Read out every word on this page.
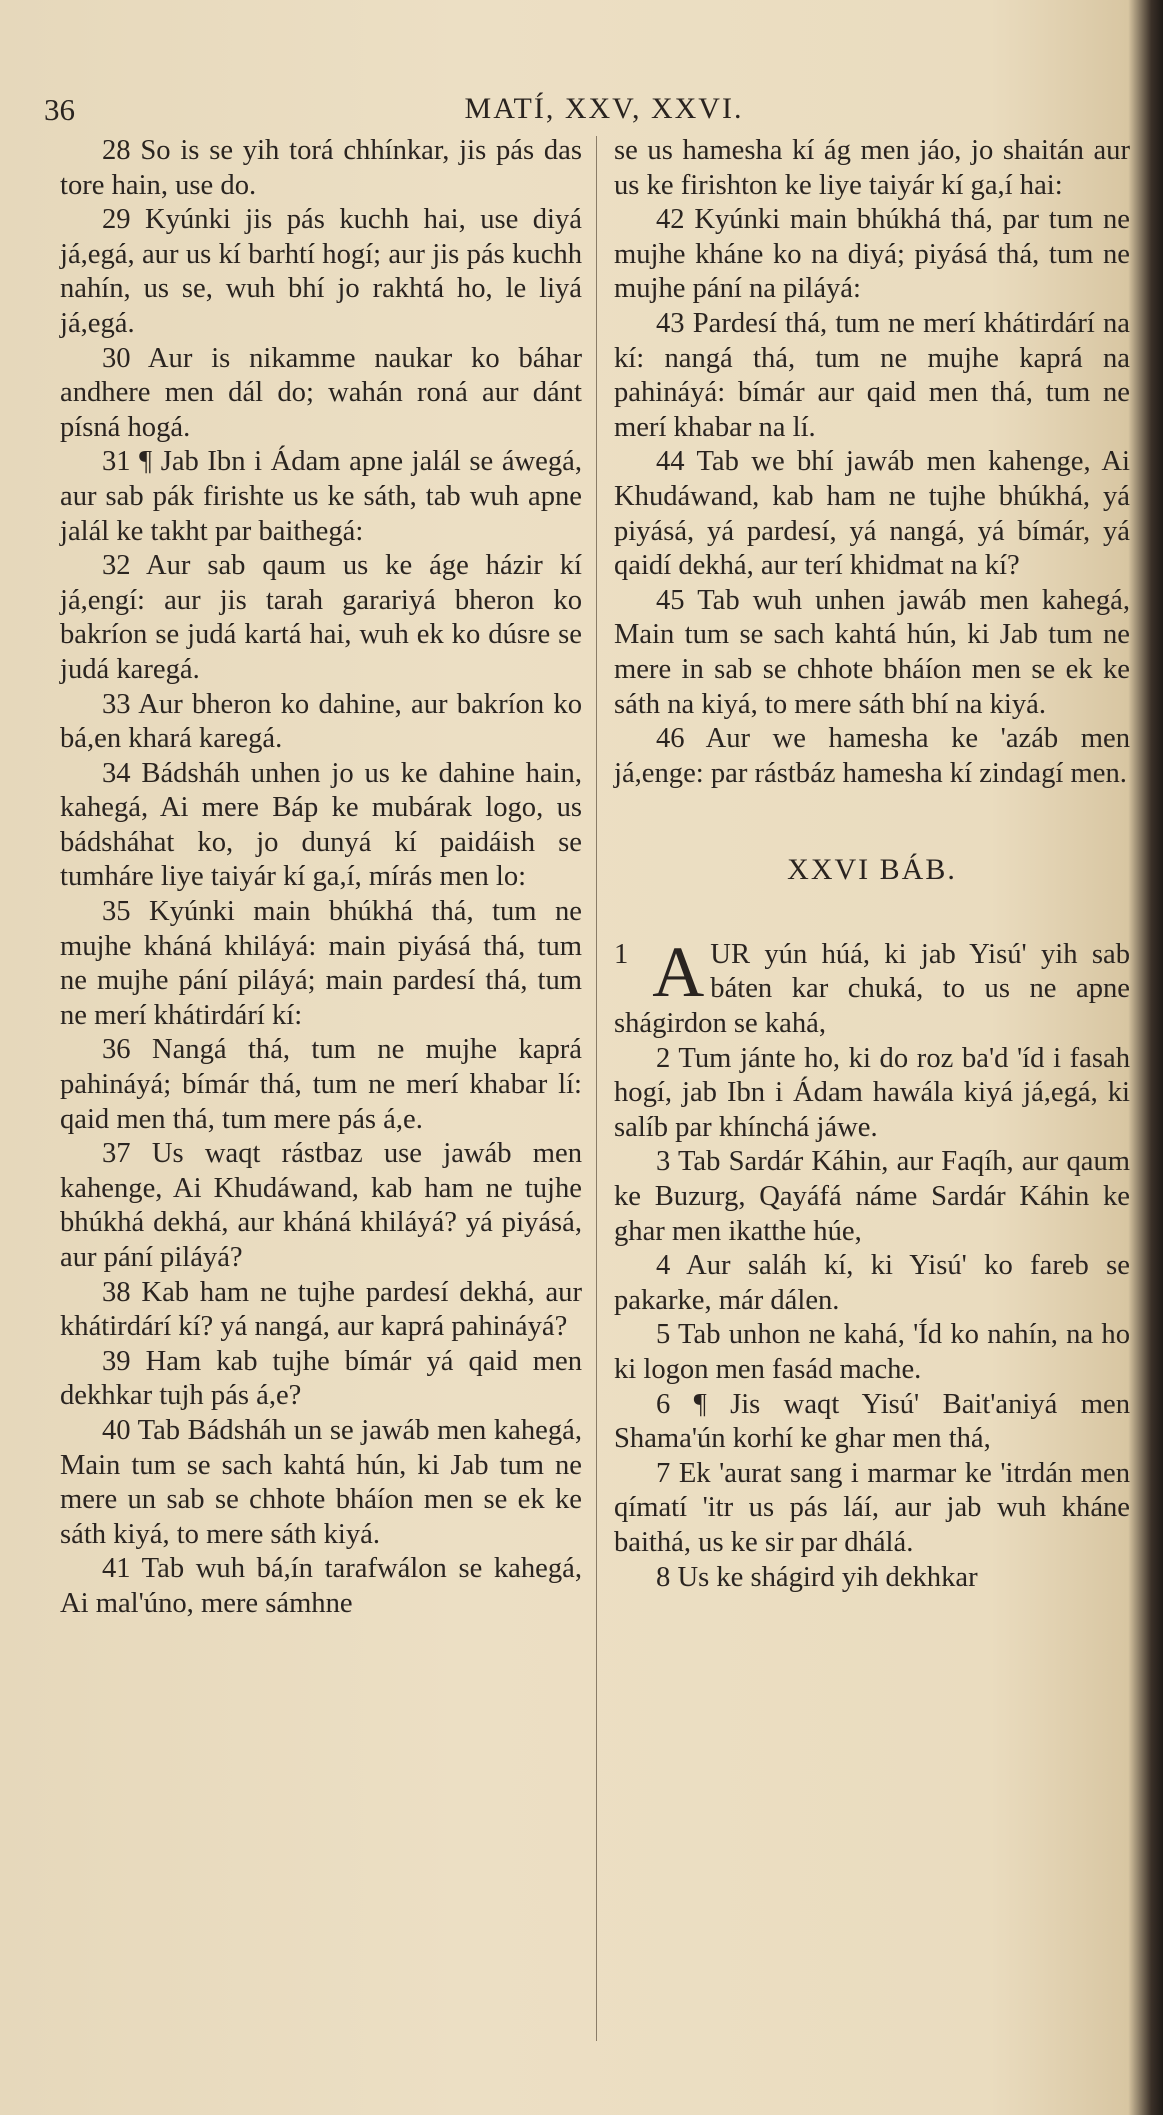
36	MATÍ, XXV, XXVI.

28 So is se yih torá chhínkar, jis pás das tore hain, use do.

29 Kyúnki jis pás kuchh hai, use diyá já,egá, aur us kí barhtí hogí; aur jis pás kuchh nahín, us se, wuh bhí jo rakhtá ho, le liyá já,egá.

30 Aur is nikamme naukar ko báhar andhere men dál do; wahán roná aur dánt písná hogá.

31 ¶ Jab Ibn i Ádam apne jalál se áwegá, aur sab pák firishte us ke sáth, tab wuh apne jalál ke takht par baithegá:

32 Aur sab qaum us ke áge házir kí já,engí: aur jis tarah garariyá bheron ko bakríon se judá kartá hai, wuh ek ko dúsre se judá karegá.

33 Aur bheron ko dahine, aur bakríon ko bá,en khará karegá.

34 Bádsháh unhen jo us ke dahine hain, kahegá, Ai mere Báp ke mubárak logo, us bádsháhat ko, jo dunyá kí paidáish se tumháre liye taiyár kí ga,í, mírás men lo:

35 Kyúnki main bhúkhá thá, tum ne mujhe kháná khiláyá: main piyásá thá, tum ne mujhe pání piláyá; main pardesí thá, tum ne merí khátirdárí kí:

36 Nangá thá, tum ne mujhe kaprá pahináyá; bímár thá, tum ne merí khabar lí: qaid men thá, tum mere pás á,e.

37 Us waqt rástbaz use jawáb men kahenge, Ai Khudáwand, kab ham ne tujhe bhúkhá dekhá, aur kháná khiláyá? yá piyásá, aur pání piláyá?

38 Kab ham ne tujhe pardesí dekhá, aur khátirdárí kí? yá nangá, aur kaprá pahináyá?

39 Ham kab tujhe bímár yá qaid men dekhkar tujh pás á,e?

40 Tab Bádsháh un se jawáb men kahegá, Main tum se sach kahtá hún, ki Jab tum ne mere un sab se chhote bháíon men se ek ke sáth kiyá, to mere sáth kiyá.

41 Tab wuh bá,ín tarafwálon se kahegá, Ai mal'úno, mere sámhne

se us hamesha kí ág men jáo, jo shaitán aur us ke firishton ke liye taiyár kí ga,í hai:

42 Kyúnki main bhúkhá thá, par tum ne mujhe kháne ko na diyá; piyásá thá, tum ne mujhe pání na piláyá:

43 Pardesí thá, tum ne merí khátirdárí na kí: nangá thá, tum ne mujhe kaprá na pahináyá: bímár aur qaid men thá, tum ne merí khabar na lí.

44 Tab we bhí jawáb men kahenge, Ai Khudáwand, kab ham ne tujhe bhúkhá, yá piyásá, yá pardesí, yá nangá, yá bímár, yá qaidí dekhá, aur terí khidmat na kí?

45 Tab wuh unhen jawáb men kahegá, Main tum se sach kahtá hún, ki Jab tum ne mere in sab se chhote bháíon men se ek ke sáth na kiyá, to mere sáth bhí na kiyá.

46 Aur we hamesha ke 'azáb men já,enge: par rástbáz hamesha kí zindagí men.

XXVI BÁB.

1 A UR yún húá, ki jab Yisú' yih sab báten kar chuká, to us ne apne shágirdon se kahá,

2 Tum jánte ho, ki do roz ba'd 'íd i fasah hogí, jab Ibn i Ádam hawála kiyá já,egá, ki salíb par khínchá jáwe.

3 Tab Sardár Káhin, aur Faqíh, aur qaum ke Buzurg, Qayáfá náme Sardár Káhin ke ghar men ikatthe húe,

4 Aur saláh kí, ki Yisú' ko fareb se pakarke, már dálen.

5 Tab unhon ne kahá, 'Íd ko nahín, na ho ki logon men fasád mache.

6 ¶ Jis waqt Yisú' Bait'aniyá men Shama'ún korhí ke ghar men thá,

7 Ek 'aurat sang i marmar ke 'itrdán men qímatí 'itr us pás láí, aur jab wuh kháne baithá, us ke sir par dhálá.

8 Us ke shágird yih dekhkar
